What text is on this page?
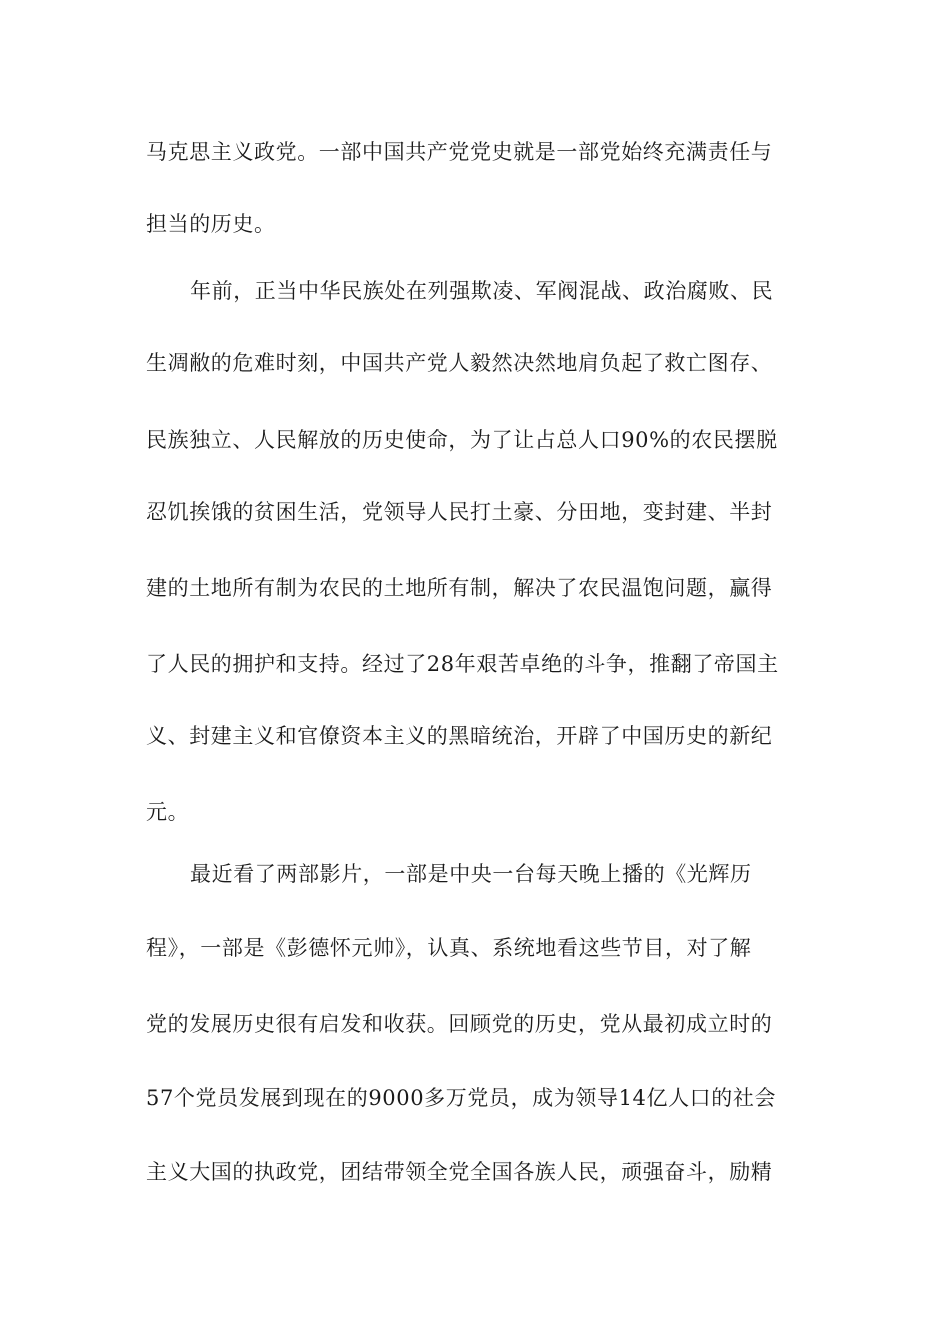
马克思主义政党。一部中国共产党党史就是一部党始终充满责任与
担当的历史。
年前，正当中华民族处在列强欺凌、军阀混战、政治腐败、民
生凋敝的危难时刻，中国共产党人毅然决然地肩负起了救亡图存、
民族独立、人民解放的历史使命，为了让占总人口90%的农民摆脱
忍饥挨饿的贫困生活，党领导人民打土豪、分田地，变封建、半封
建的土地所有制为农民的土地所有制，解决了农民温饱问题，赢得
了人民的拥护和支持。经过了28年艰苦卓绝的斗争，推翻了帝国主
义、封建主义和官僚资本主义的黑暗统治，开辟了中国历史的新纪
元。
最近看了两部影片，一部是中央一台每天晚上播的《光辉历
程》，一部是《彭德怀元帅》，认真、系统地看这些节目，对了解
党的发展历史很有启发和收获。回顾党的历史，党从最初成立时的
57个党员发展到现在的9000多万党员，成为领导14亿人口的社会
主义大国的执政党，团结带领全党全国各族人民，顽强奋斗，励精
